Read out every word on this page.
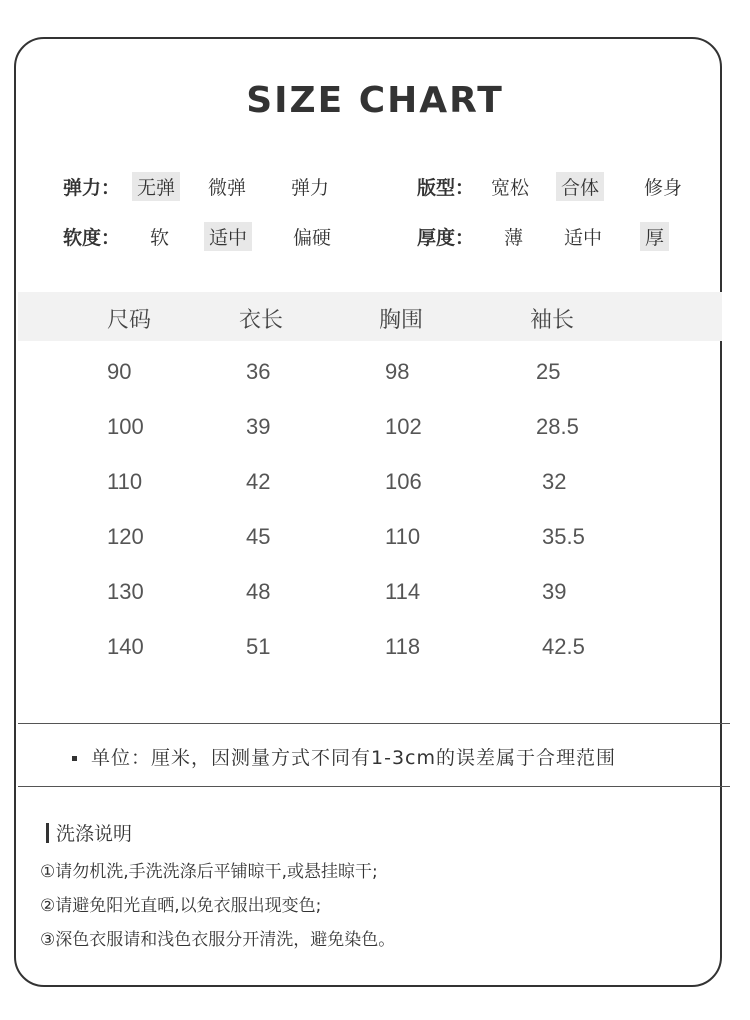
SIZE CHART
弹力： 无弹 微弹 弹力	版型： 宽松 合体 修身
软度： 软 适中 偏硬	厚度： 薄 适中 厚
尺码	衣长	胸围	袖长
90	36	98	25
100	39	102	28.5
110	42	106	32
120	45	110	35.5
130	48	114	39
140	51	118	42.5
单位：厘米，因测量方式不同有1-3cm的误差属于合理范围
洗涤说明
①请勿机洗,手洗洗涤后平铺晾干,或悬挂晾干;
②请避免阳光直晒,以免衣服出现变色;
③深色衣服请和浅色衣服分开清洗，避免染色。
